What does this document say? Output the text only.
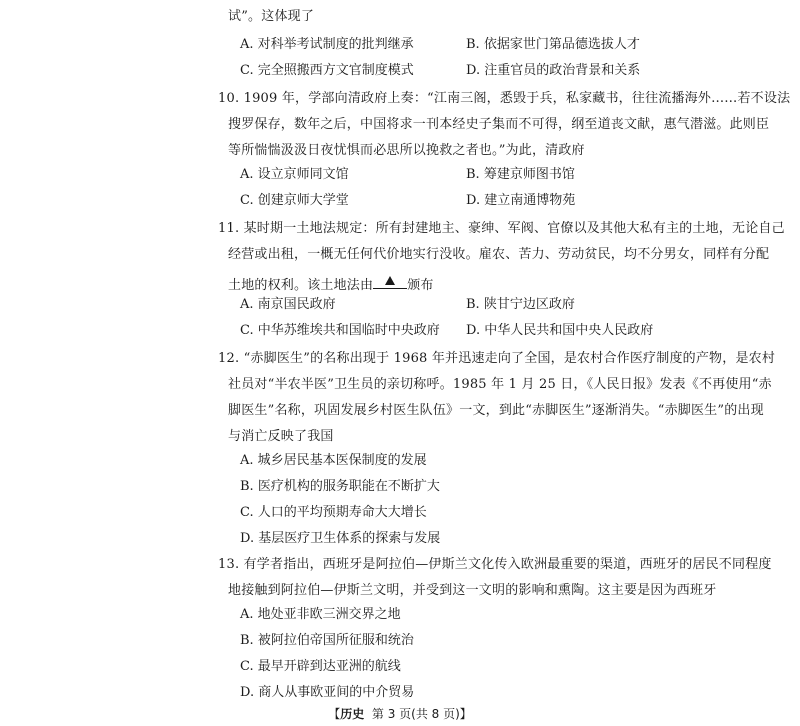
试”。这体现了
A. 对科举考试制度的批判继承	B. 依据家世门第品德选拔人才
C. 完全照搬西方文官制度模式	D. 注重官员的政治背景和关系
10. 1909 年，学部向清政府上奏：“江南三阁，悉毁于兵，私家藏书，往往流播海外……若不设法
搜罗保存，数年之后，中国将求一刊本经史子集而不可得，纲至道丧文献，惠气潜滋。此则臣
等所惴惴汲汲日夜忧惧而必思所以挽救之者也。”为此，清政府
A. 设立京师同文馆	B. 筹建京师图书馆
C. 创建京师大学堂	D. 建立南通博物苑
11. 某时期一土地法规定：所有封建地主、豪绅、军阀、官僚以及其他大私有主的土地，无论自己
经营或出租，一概无任何代价地实行没收。雇农、苦力、劳动贫民，均不分男女，同样有分配
土地的权利。该土地法由	颁布
A. 南京国民政府	B. 陕甘宁边区政府
C. 中华苏维埃共和国临时中央政府 D. 中华人民共和国中央人民政府
12. “赤脚医生”的名称出现于 1968 年并迅速走向了全国，是农村合作医疗制度的产物，是农村
社员对“半农半医”卫生员的亲切称呼。1985 年 1 月 25 日，《人民日报》发表《不再使用“赤
脚医生”名称，巩固发展乡村医生队伍》一文，到此“赤脚医生”逐渐消失。“赤脚医生”的出现
与消亡反映了我国
A. 城乡居民基本医保制度的发展
B. 医疗机构的服务职能在不断扩大
C. 人口的平均预期寿命大大增长
D. 基层医疗卫生体系的探索与发展
13. 有学者指出，西班牙是阿拉伯—伊斯兰文化传入欧洲最重要的渠道，西班牙的居民不同程度
地接触到阿拉伯—伊斯兰文明，并受到这一文明的影响和熏陶。这主要是因为西班牙
A. 地处亚非欧三洲交界之地
B. 被阿拉伯帝国所征服和统治
C. 最早开辟到达亚洲的航线
D. 商人从事欧亚间的中介贸易
【历史 第 3 页(共 8 页)】
